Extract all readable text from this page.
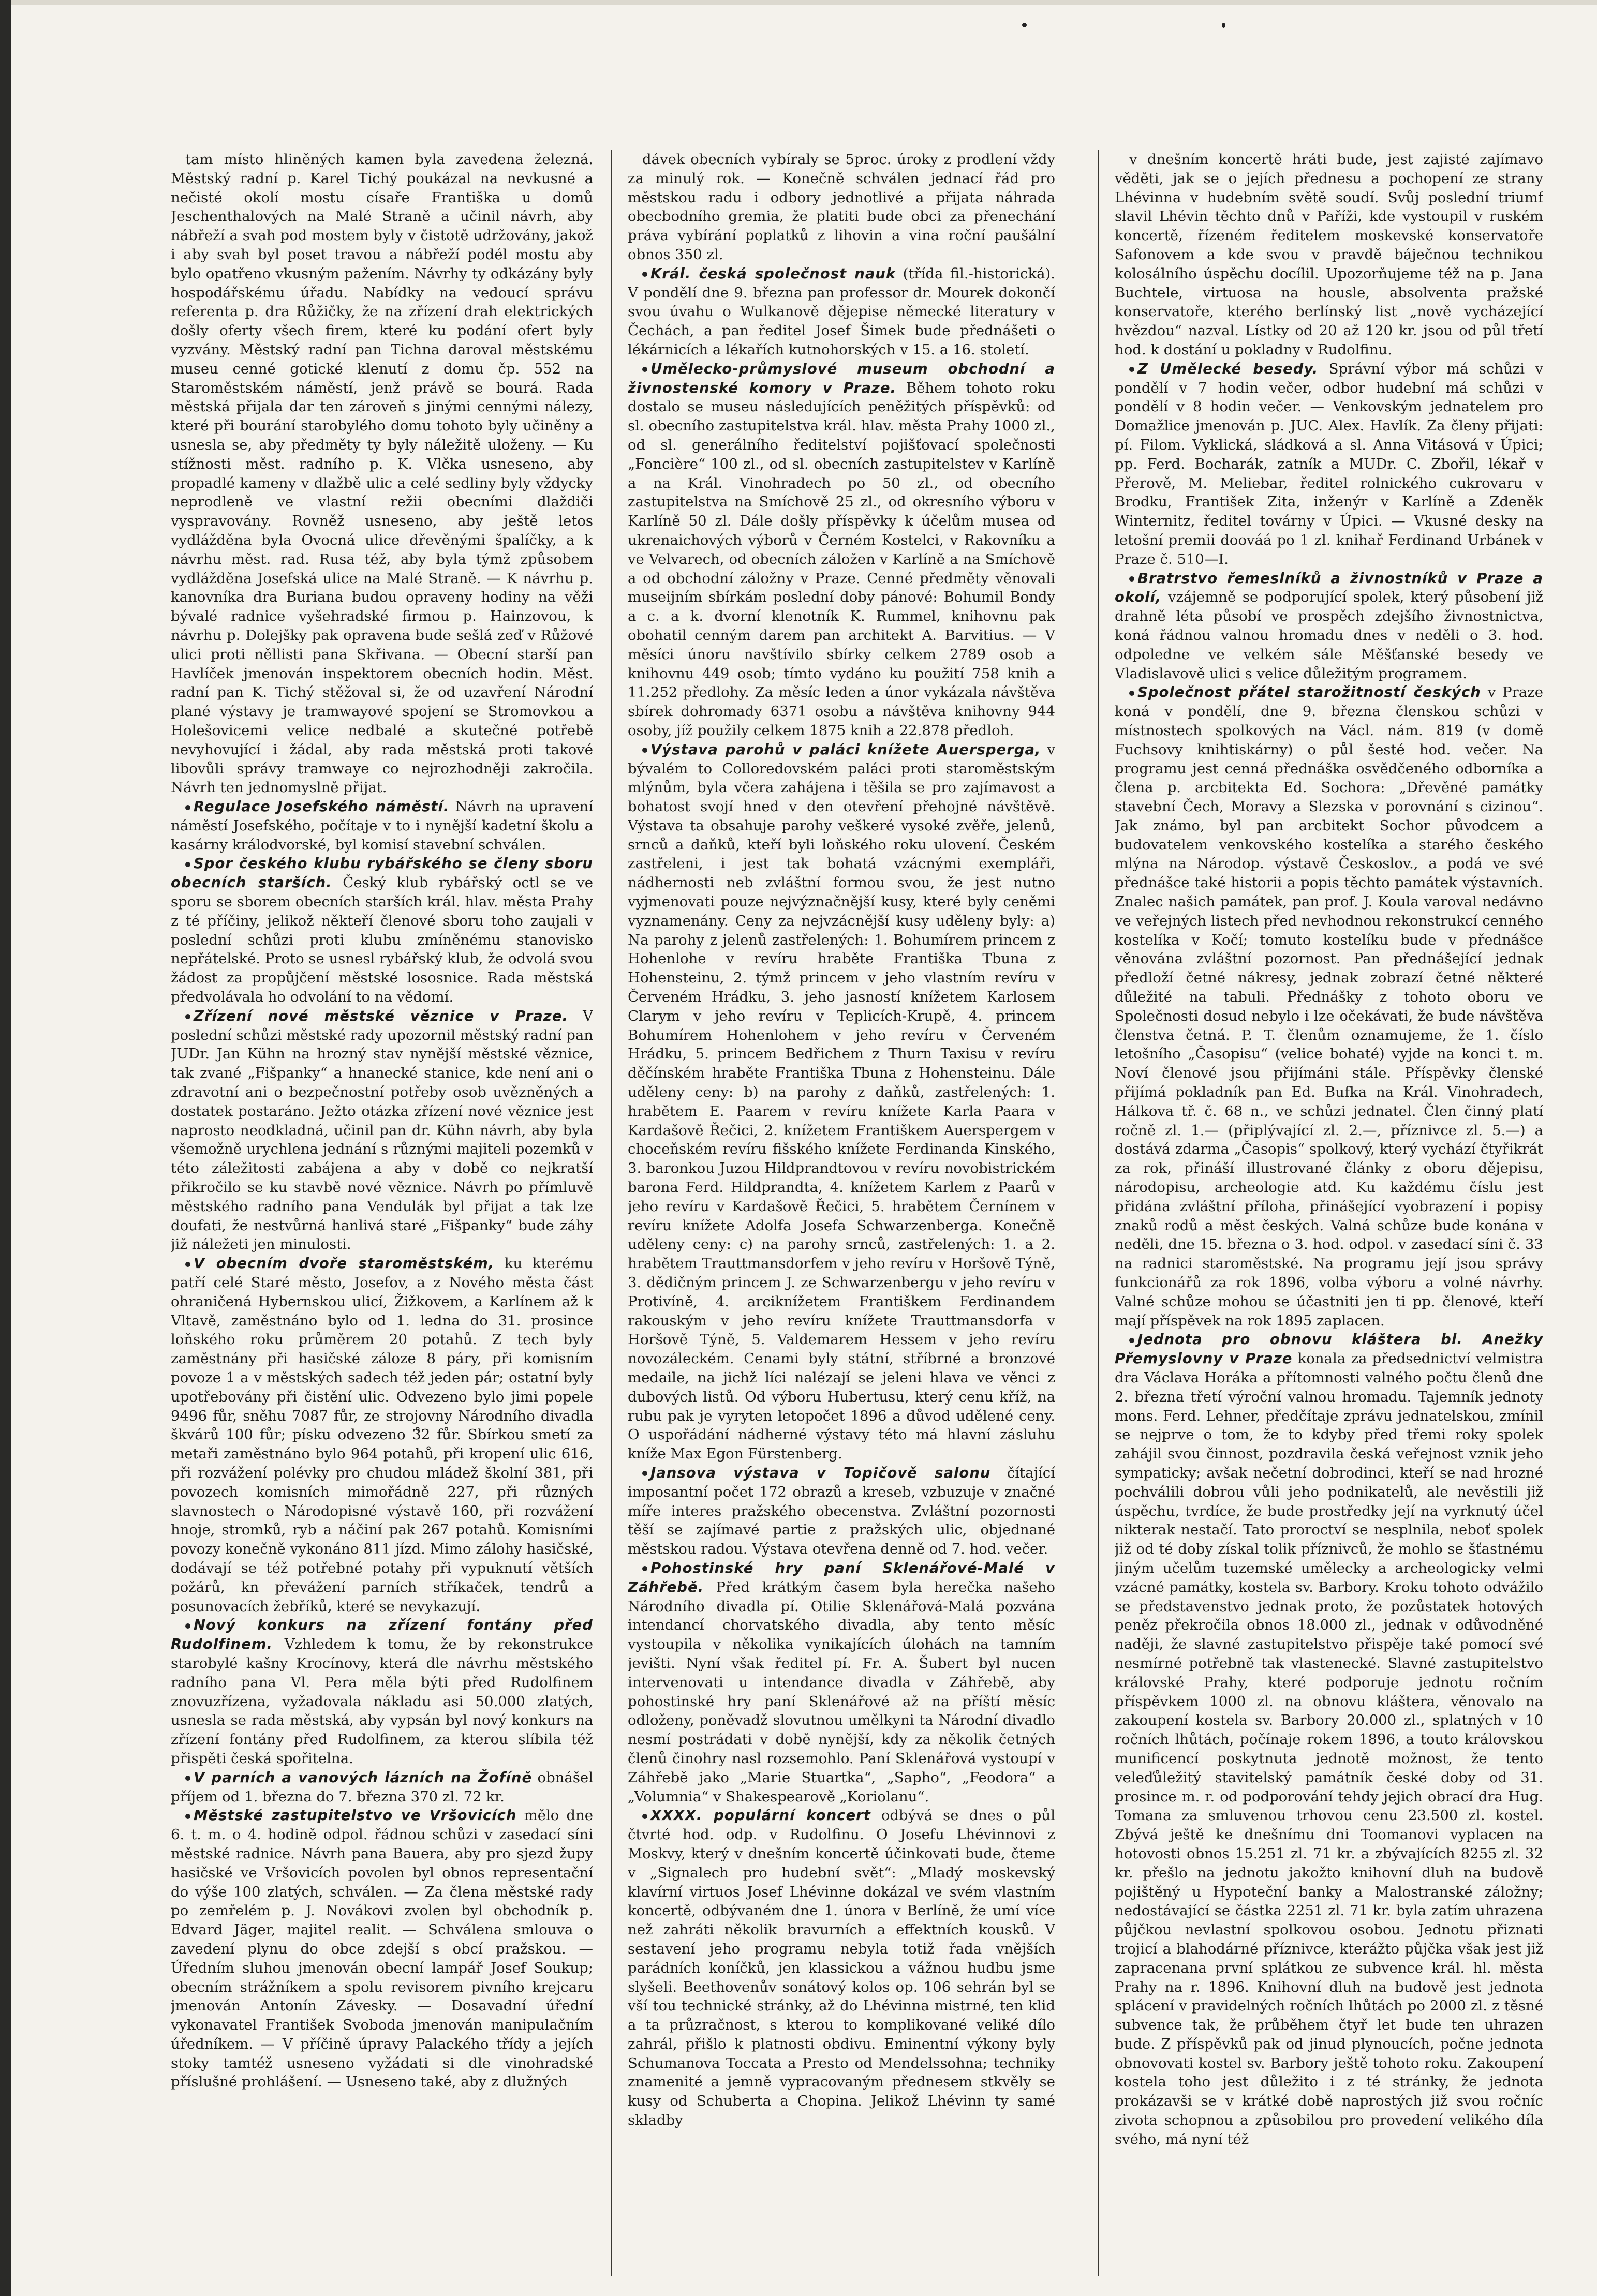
tam místo hliněných kamen byla zavedena železná. Městský radní p. Karel Tichý poukázal na nevkusné a nečisté okolí mostu císaře Františka u domů Jeschenthalových na Malé Straně a učinil návrh, aby nábřeží a svah pod mostem byly v čistotě udržovány, jakož i aby svah byl poset travou a nábřeží podél mostu aby bylo opatřeno vkusným pažením. Návrhy ty odkázány byly hospodářskému úřadu. Nabídky na vedoucí správu referenta p. dra Růžičky, že na zřízení drah elektrických došly oferty všech firem, které ku podání ofert byly vyzvány. Městský radní pan Tichna daroval městskému museu cenné gotické klenutí z domu čp. 552 na Staroměstském náměstí, jenž právě se bourá. Rada městská přijala dar ten zároveň s jinými cennými nálezy, které při bourání starobylého domu tohoto byly učiněny a usnesla se, aby předměty ty byly náležitě uloženy. — Ku stížnosti měst. radního p. K. Vlčka usneseno, aby propadlé kameny v dlažbě ulic a celé sedliny byly vždycky neprodleně ve vlastní režii obecními dlaždiči vyspravovány. Rovněž usneseno, aby ještě letos vydlážděna byla Ovocná ulice dřevěnými špalíčky, a k návrhu měst. rad. Rusa též, aby byla týmž způsobem vydlážděna Josefská ulice na Malé Straně. — K návrhu p. kanovníka dra Buriana budou opraveny hodiny na věži bývalé radnice vyšehradské firmou p. Hainzovou, k návrhu p. Dolejšky pak opravena bude sešlá zeď v Růžové ulici proti něllisti pana Skřivana. — Obecní starší pan Havlíček jmenován inspektorem obecních hodin. Měst. radní pan K. Tichý stěžoval si, že od uzavření Národní plané výstavy je tramwayové spojení se Stromovkou a Holešovicemi velice nedbalé a skutečné potřebě nevyhovující i žádal, aby rada městská proti takové libovůli správy tramwaye co nejrozhodněji zakročila. Návrh ten jednomyslně přijat.

Regulace Josefského náměstí. Návrh na upravení náměstí Josefského, počítaje v to i nynější kadetní školu a kasárny králodvorské, byl komisí stavební schválen.

Spor českého klubu rybářského se členy sboru obecních starších. Český klub rybářský octl se ve sporu se sborem obecních starších král. hlav. města Prahy z té příčiny, jelikož někteří členové sboru toho zaujali v poslední schůzi proti klubu zmíněnému stanovisko nepřátelské. Proto se usnesl rybářský klub, že odvolá svou žádost za propůjčení městské lososnice. Rada městská předvolávala ho odvolání to na vědomí.

Zřízení nové městské věznice v Praze. V poslední schůzi městské rady upozornil městský radní pan JUDr. Jan Kühn na hrozný stav nynější městské věznice, tak zvané „Fišpanky“ a hnanecké stanice, kde není ani o zdravotní ani o bezpečnostní potřeby osob uvězněných a dostatek postaráno. Ježto otázka zřízení nové věznice jest naprosto neodkladná, učinil pan dr. Kühn návrh, aby byla všemožně urychlena jednání s různými majiteli pozemků v této záležitosti zabájena a aby v době co nejkratší přikročilo se ku stavbě nové věznice. Návrh po přímluvě městského radního pana Vendulák byl přijat a tak lze doufati, že nestvůrná hanlivá staré „Fišpanky“ bude záhy již náležeti jen minulosti.

V obecním dvoře staroměstském, ku kterému patří celé Staré město, Josefov, a z Nového města část ohraničená Hybernskou ulicí, Žižkovem, a Karlínem až k Vltavě, zaměstnáno bylo od 1. ledna do 31. prosince loňského roku průměrem 20 potahů. Z tech byly zaměstnány při hasičské záloze 8 páry, při komisním povoze 1 a v městských sadech též jeden pár; ostatní byly upotřebovány při čistění ulic. Odvezeno bylo jimi popele 9496 fůr, sněhu 7087 fůr, ze strojovny Národního divadla škvárů 100 fůr; písku odvezeno 3̊2 fůr. Sbírkou smetí za metaři zaměstnáno bylo 964 potahů, při kropení ulic 616, při rozvážení polévky pro chudou mládež školní 381, při povozech komisních mimořádně 227, při různých slavnostech o Národopisné výstavě 160, při rozvážení hnoje, stromků, ryb a náčiní pak 267 potahů. Komisními povozy konečně vykonáno 811 jízd. Mimo zálohy hasičské, dodávají se též potřebné potahy při vypuknutí větších požárů, kn převážení parních stříkaček, tendrů a posunovacích žebříků, které se nevykazují.

Nový konkurs na zřízení fontány před Rudolfinem. Vzhledem k tomu, že by rekonstrukce starobylé kašny Krocínovy, která dle návrhu městského radního pana Vl. Pera měla býti před Rudolfinem znovuzřízena, vyžadovala nákladu asi 50.000 zlatých, usnesla se rada městská, aby vypsán byl nový konkurs na zřízení fontány před Rudolfinem, za kterou slíbila též přispěti česká spořitelna.

V parních a vanových lázních na Žofíně obnášel příjem od 1. března do 7. března 370 zl. 72 kr.

Městské zastupitelstvo ve Vršovicích mělo dne 6. t. m. o 4. hodině odpol. řádnou schůzi v zasedací síni městské radnice. Návrh pana Bauera, aby pro sjezd župy hasičské ve Vršovicích povolen byl obnos representační do výše 100 zlatých, schválen. — Za člena městské rady po zemřelém p. J. Novákovi zvolen byl obchodník p. Edvard Jäger, majitel realit. — Schválena smlouva o zavedení plynu do obce zdejší s obcí pražskou. — Úředním sluhou jmenován obecní lampář Josef Soukup; obecním strážníkem a spolu revisorem pivního krejcaru jmenován Antonín Závesky. — Dosavadní úřední vykonavatel František Svoboda jmenován manipulačním úředníkem. — V příčině úpravy Palackého třídy a jejích stoky tamtéž usneseno vyžádati si dle vinohradské příslušné prohlášení. — Usneseno také, aby z dlužných

dávek obecních vybíraly se 5proc. úroky z prodlení vždy za minulý rok. — Konečně schválen jednací řád pro městskou radu i odbory jednotlivé a přijata náhrada obecbodního gremia, že platiti bude obci za přenechání práva vybírání poplatků z lihovin a vina roční paušální obnos 350 zl.

Král. česká společnost nauk (třída fil.-historická). V pondělí dne 9. března pan professor dr. Mourek dokončí svou úvahu o Wulkanově dějepise německé literatury v Čechách, a pan ředitel Josef Šimek bude přednášeti o lékárnicích a lékařích kutnohorských v 15. a 16. století.

Umělecko-průmyslové museum obchodní a živnostenské komory v Praze. Během tohoto roku dostalo se museu následujících peněžitých příspěvků: od sl. obecního zastupitelstva král. hlav. města Prahy 1000 zl., od sl. generálního ředitelství pojišťovací společnosti „Foncière“ 100 zl., od sl. obecních zastupitelstev v Karlíně a na Král. Vinohradech po 50 zl., od obecního zastupitelstva na Smíchově 25 zl., od okresního výboru v Karlíně 50 zl. Dále došly příspěvky k účelům musea od ukrenaichových výborů v Černém Kostelci, v Rakovníku a ve Velvarech, od obecních záložen v Karlíně a na Smíchově a od obchodní záložny v Praze. Cenné předměty věnovali museijním sbírkám poslední doby pánové: Bohumil Bondy a c. a k. dvorní klenotník K. Rummel, knihovnu pak obohatil cenným darem pan architekt A. Barvitius. — V měsíci únoru navštívilo sbírky celkem 2789 osob a knihovnu 449 osob; tímto vydáno ku použití 758 knih a 11.252 předlohy. Za měsíc leden a únor vykázala návštěva sbírek dohromady 6371 osobu a návštěva knihovny 944 osoby, jíž použily celkem 1875 knih a 22.878 předloh.

Výstava parohů v paláci knížete Auersperga, v bývalém to Colloredovském paláci proti staroměstským mlýnům, byla včera zahájena i těšila se pro zajímavost a bohatost svojí hned v den otevření přehojné návštěvě. Výstava ta obsahuje parohy veškeré vysoké zvěře, jelenů, srnců a daňků, kteří byli loňského roku ulovení. Českém zastřeleni, i jest tak bohatá vzácnými exempláři, nádhernosti neb zvláštní formou svou, že jest nutno vyjmenovati pouze nejvýznačnější kusy, které byly ceněmi vyznamenány. Ceny za nejvzácnější kusy uděleny byly: a) Na parohy z jelenů zastřelených: 1. Bohumírem princem z Hohenlohe v revíru hraběte Františka Tbuna z Hohensteinu, 2. týmž princem v jeho vlastním revíru v Červeném Hrádku, 3. jeho jasností knížetem Karlosem Clarym v jeho revíru v Teplicích-Krupě, 4. princem Bohumírem Hohenlohem v jeho revíru v Červeném Hrádku, 5. princem Bedřichem z Thurn Taxisu v revíru děčínském hraběte Františka Tbuna z Hohensteinu. Dále uděleny ceny: b) na parohy z daňků, zastřelených: 1. hrabětem E. Paarem v revíru knížete Karla Paara v Kardašově Řečici, 2. knížetem Františkem Auerspergem v choceňském revíru fišského knížete Ferdinanda Kinského, 3. baronkou Juzou Hildprandtovou v revíru novobistrickém barona Ferd. Hildprandta, 4. knížetem Karlem z Paarů v jeho revíru v Kardašově Řečici, 5. hrabětem Černínem v revíru knížete Adolfa Josefa Schwarzenberga. Konečně uděleny ceny: c) na parohy srnců, zastřelených: 1. a 2. hrabětem Trauttmansdorfem v jeho revíru v Horšově Týně, 3. dědičným princem J. ze Schwarzenbergu v jeho revíru v Protivíně, 4. arciknížetem Františkem Ferdinandem rakouským v jeho revíru knížete Trauttmansdorfa v Horšově Týně, 5. Valdemarem Hessem v jeho revíru novozáleckém. Cenami byly státní, stříbrné a bronzové medaile, na jichž líci nalézají se jeleni hlava ve věnci z dubových listů. Od výboru Hubertusu, který cenu kříž, na rubu pak je vyryten letopočet 1896 a důvod udělené ceny. O uspořádání nádherné výstavy této má hlavní zásluhu kníže Max Egon Fürstenberg.

Jansova výstava v Topičově salonu čítající imposantní počet 172 obrazů a kreseb, vzbuzuje v značné míře interes pražského obecenstva. Zvláštní pozornosti těší se zajímavé partie z pražských ulic, objednané městskou radou. Výstava otevřena denně od 7. hod. večer.

Pohostinské hry paní Sklenářové-Malé v Záhřebě. Před krátkým časem byla herečka našeho Národního divadla pí. Otilie Sklenářová-Malá pozvána intendancí chorvatského divadla, aby tento měsíc vystoupila v několika vynikajících úlohách na tamním jevišti. Nyní však ředitel pí. Fr. A. Šubert byl nucen intervenovati u intendance divadla v Záhřebě, aby pohostinské hry paní Sklenářové až na příští měsíc odloženy, poněvadž slovutnou umělkyni ta Národní divadlo nesmí postrádati v době nynější, kdy za několik četných členů činohry nasl rozsemohlo. Paní Sklenářová vystoupí v Záhřebě jako „Marie Stuartka“, „Sapho“, „Feodora“ a „Volumnia“ v Shakespearově „Koriolanu“.

XXXX. populární koncert odbývá se dnes o půl čtvrté hod. odp. v Rudolfinu. O Josefu Lhévinnovi z Moskvy, který v dnešním koncertě účinkovati bude, čteme v „Signalech pro hudební svět“: „Mladý moskevský klavírní virtuos Josef Lhévinne dokázal ve svém vlastním koncertě, odbývaném dne 1. února v Berlíně, že umí více než zahráti několik bravurních a effektních kousků. V sestavení jeho programu nebyla totiž řada vnějších parádních koníčků, jen klassickou a vážnou hudbu jsme slyšeli. Beethovenův sonátový kolos op. 106 sehrán byl se vší tou technické stránky, až do Lhévinna mistrné, ten klid a ta průzračnost, s kterou to komplikované veliké dílo zahrál, přišlo k platnosti obdivu. Eminentní výkony byly Schumanova Toccata a Presto od Mendelssohna; techniky znamenité a jemně vypracovaným přednesem stkvěly se kusy od Schuberta a Chopina. Jelikož Lhévinn ty samé skladby

v dnešním koncertě hráti bude, jest zajisté zajímavo věděti, jak se o jejích přednesu a pochopení ze strany Lhévinna v hudebním světě soudí. Svůj poslední triumf slavil Lhévin těchto dnů v Paříži, kde vystoupil v ruském koncertě, řízeném ředitelem moskevské konservatoře Safonovem a kde svou v pravdě báječnou technikou kolosálního úspěchu docílil. Upozorňujeme též na p. Jana Buchtele, virtuosa na housle, absolventa pražské konservatoře, kterého berlínský list „nově vycházející hvězdou“ nazval. Lístky od 20 až 120 kr. jsou od půl třetí hod. k dostání u pokladny v Rudolfinu.

Z Umělecké besedy. Správní výbor má schůzi v pondělí v 7 hodin večer, odbor hudební má schůzi v pondělí v 8 hodin večer. — Venkovským jednatelem pro Domažlice jmenován p. JUC. Alex. Havlík. Za členy přijati: pí. Filom. Vyklická, sládková a sl. Anna Vitásová v Úpici; pp. Ferd. Bocharák, zatník a MUDr. C. Zbořil, lékař v Přerově, M. Meliebar, ředitel rolnického cukrovaru v Brodku, František Zita, inženýr v Karlíně a Zdeněk Winternitz, ředitel továrny v Úpici. — Vkusné desky na letošní premii doováá po 1 zl. knihař Ferdinand Urbánek v Praze č. 510—I.

Bratrstvo řemeslníků a živnostníků v Praze a okolí, vzájemně se podporující spolek, který působení již drahně léta působí ve prospěch zdejšího živnostnictva, koná řádnou valnou hromadu dnes v neděli o 3. hod. odpoledne ve velkém sále Měšťanské besedy ve Vladislavově ulici s velice důležitým programem.

Společnost přátel starožitností českých v Praze koná v pondělí, dne 9. března členskou schůzi v místnostech spolkových na Václ. nám. 819 (v domě Fuchsovy knihtiskárny) o půl šesté hod. večer. Na programu jest cenná přednáška osvědčeného odborníka a člena p. arcbitekta Ed. Sochora: „Dřevěné památky stavební Čech, Moravy a Slezska v porovnání s cizinou“. Jak známo, byl pan arcbitekt Sochor původcem a budovatelem venkovského kostelíka a starého českého mlýna na Národop. výstavě Českoslov., a podá ve své přednášce také historii a popis těchto památek výstavních. Znalec našich památek, pan prof. J. Koula varoval nedávno ve veřejných listech před nevhodnou rekonstrukcí cenného kostelíka v Kočí; tomuto kostelíku bude v přednášce věnována zvláštní pozornost. Pan přednášející jednak předloží četné nákresy, jednak zobrazí četné některé důležité na tabuli. Přednášky z tohoto oboru ve Společnosti dosud nebylo i lze očekávati, že bude návštěva členstva četná. P. T. členům oznamujeme, že 1. číslo letošního „Časopisu“ (velice bohaté) vyjde na konci t. m. Noví členové jsou přijímáni stále. Příspěvky členské přijímá pokladník pan Ed. Bufka na Král. Vinohradech, Hálkova tř. č. 68 n., ve schůzi jednatel. Člen činný platí ročně zl. 1.— (připlývající zl. 2.—, příznivce zl. 5.—) a dostává zdarma „Časopis“ spolkový, který vychází čtyřikrát za rok, přináší illustrované články z oboru dějepisu, národopisu, archeologie atd. Ku každému číslu jest přidána zvláštní příloha, přinášející vyobrazení i popisy znaků rodů a měst českých. Valná schůze bude konána v neděli, dne 15. března o 3. hod. odpol. v zasedací síni č. 33 na radnici staroměstské. Na programu její jsou správy funkcionářů za rok 1896, volba výboru a volné návrhy. Valné schůze mohou se účastniti jen ti pp. členové, kteří mají příspěvek na rok 1895 zaplacen.

Jednota pro obnovu kláštera bl. Anežky Přemyslovny v Praze konala za předsednictví velmistra dra Václava Horáka a přítomnosti valného počtu členů dne 2. března třetí výroční valnou hromadu. Tajemník jednoty mons. Ferd. Lehner, předčítaje zprávu jednatelskou, zmínil se nejprve o tom, že to kdyby před třemi roky spolek zahájil svou činnost, pozdravila česká veřejnost vznik jeho sympaticky; avšak nečetní dobrodinci, kteří se nad hrozné pochválili dobrou vůli jeho podnikatelů, ale nevěstili již úspěchu, tvrdíce, že bude prostředky její na vyrknutý účel nikterak nestačí. Tato proroctví se nesplnila, neboť spolek již od té doby získal tolik příznivců, že mohlo se šťastnému jiným učelům tuzemské umělecky a archeologicky velmi vzácné památky, kostela sv. Barbory. Kroku tohoto odvážilo se představenstvo jednak proto, že pozůstatek hotových peněz překročila obnos 18.000 zl., jednak v odůvodněné naději, že slavné zastupitelstvo přispěje také pomocí své nesmírné potřebně tak vlastenecké. Slavné zastupitelstvo královské Prahy, které podporuje jednotu ročním příspěvkem 1000 zl. na obnovu kláštera, věnovalo na zakoupení kostela sv. Barbory 20.000 zl., splatných v 10 ročních lhůtách, počínaje rokem 1896, a touto královskou munificencí poskytnuta jednotě možnost, že tento veleďůležitý stavitelský památník české doby od 31. prosince m. r. od podporování tehdy jejich obrací dra Hug. Tomana za smluvenou trhovou cenu 23.500 zl. kostel. Zbývá ještě ke dnešnímu dni Toomanovi vyplacen na hotovosti obnos 15.251 zl. 71 kr. a zbývajících 8255 zl. 32 kr. přešlo na jednotu jakožto knihovní dluh na budově pojištěný u Hypoteční banky a Malostranské záložny; nedostávající se částka 2251 zl. 71 kr. byla zatím uhrazena půjčkou nevlastní spolkovou osobou. Jednotu přiznati trojicí a blahodárné příznivce, kterážto půjčka však jest již zapracenana první splátkou ze subvence král. hl. města Prahy na r. 1896. Knihovní dluh na budově jest jednota splácení v pravidelných ročních lhůtách po 2000 zl. z těsné subvence tak, že průběhem čtyř let bude ten uhrazen bude. Z příspěvků pak od jinud plynoucích, počne jednota obnovovati kostel sv. Barbory ještě tohoto roku. Zakoupení kostela toho jest důležito i z té stránky, že jednota prokázavši se v krátké době naprostých již svou ročníc zivota schopnou a způsobilou pro provedení velikého díla svého, má nyní též
